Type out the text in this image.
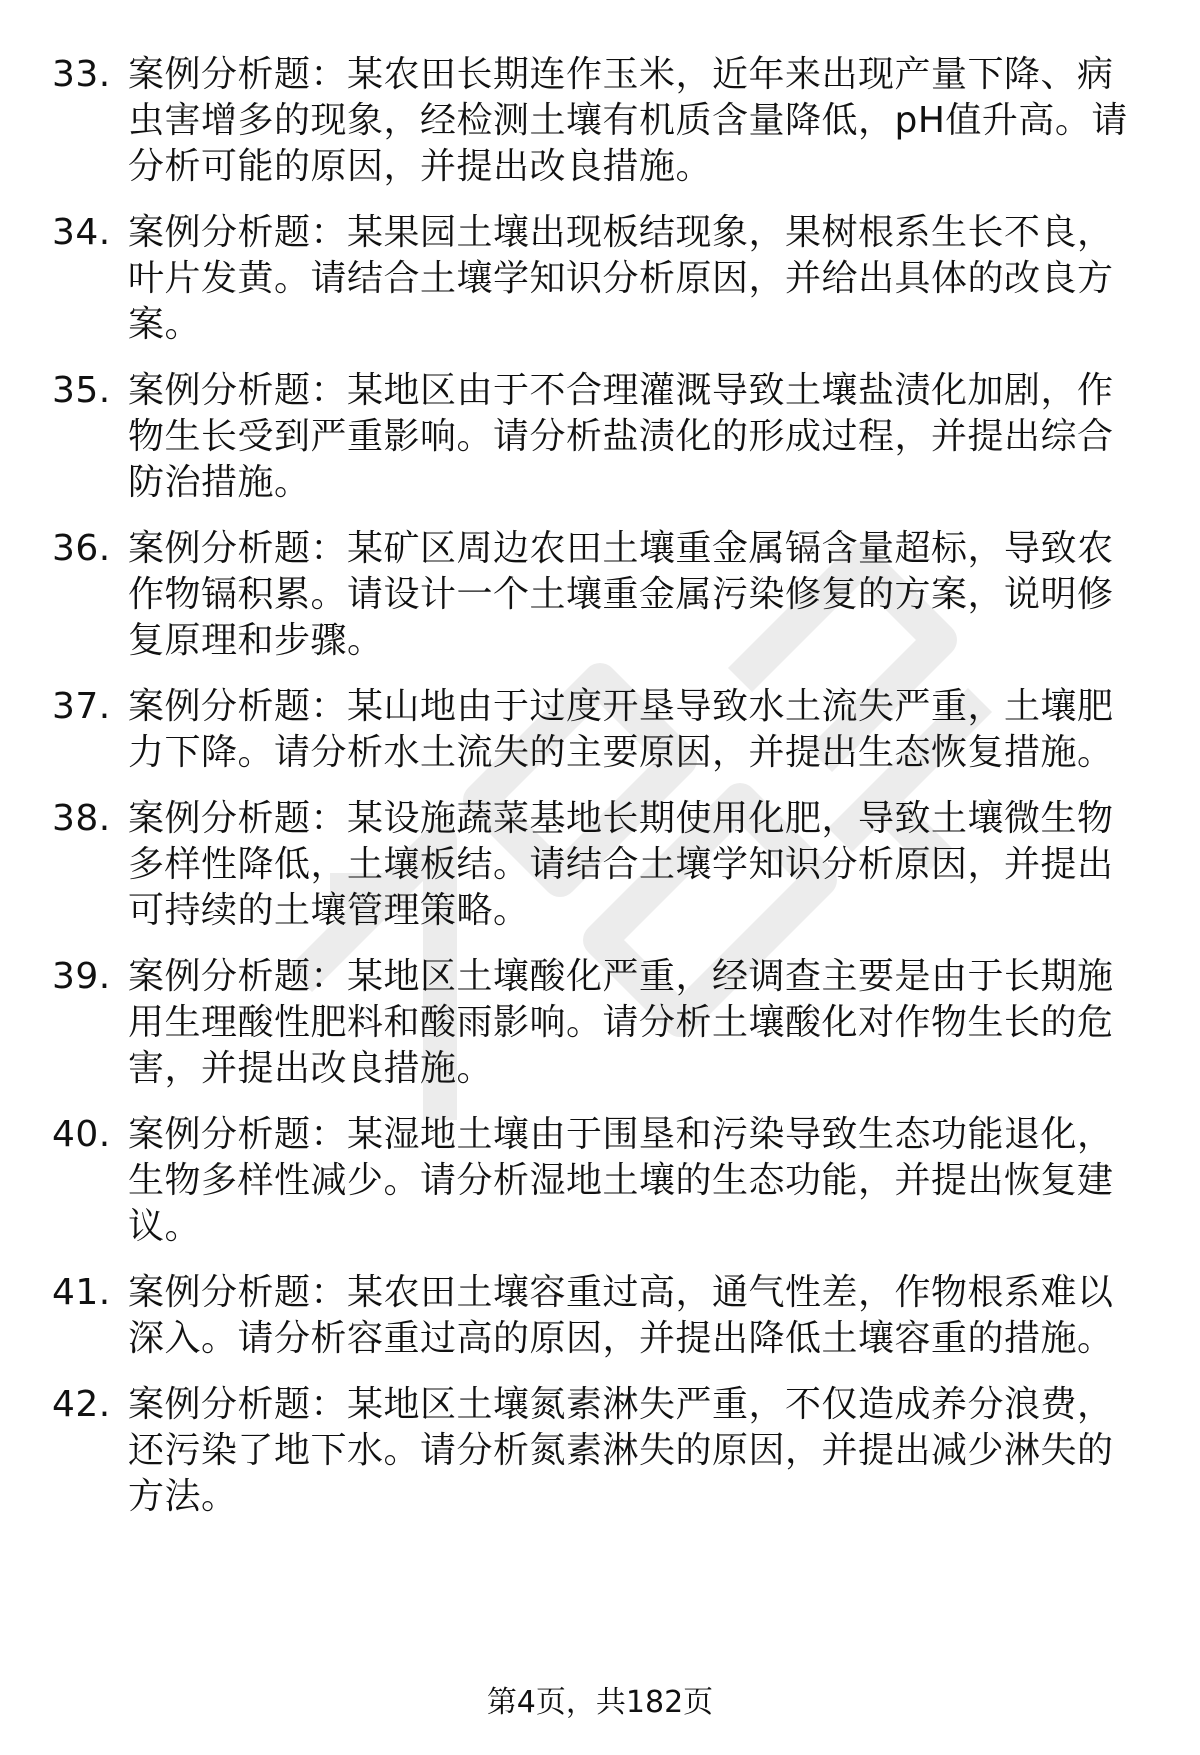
33. 案例分析题：某农田长期连作玉米，近年来出现产量下降、病虫害增多的现象，经检测土壤有机质含量降低，pH值升高。请分析可能的原因，并提出改良措施。
34. 案例分析题：某果园土壤出现板结现象，果树根系生长不良，叶片发黄。请结合土壤学知识分析原因，并给出具体的改良方案。
35. 案例分析题：某地区由于不合理灌溉导致土壤盐渍化加剧，作物生长受到严重影响。请分析盐渍化的形成过程，并提出综合防治措施。
36. 案例分析题：某矿区周边农田土壤重金属镉含量超标，导致农作物镉积累。请设计一个土壤重金属污染修复的方案，说明修复原理和步骤。
37. 案例分析题：某山地由于过度开垦导致水土流失严重，土壤肥力下降。请分析水土流失的主要原因，并提出生态恢复措施。
38. 案例分析题：某设施蔬菜基地长期使用化肥，导致土壤微生物多样性降低，土壤板结。请结合土壤学知识分析原因，并提出可持续的土壤管理策略。
39. 案例分析题：某地区土壤酸化严重，经调查主要是由于长期施用生理酸性肥料和酸雨影响。请分析土壤酸化对作物生长的危害，并提出改良措施。
40. 案例分析题：某湿地土壤由于围垦和污染导致生态功能退化，生物多样性减少。请分析湿地土壤的生态功能，并提出恢复建议。
41. 案例分析题：某农田土壤容重过高，通气性差，作物根系难以深入。请分析容重过高的原因，并提出降低土壤容重的措施。
42. 案例分析题：某地区土壤氮素淋失严重，不仅造成养分浪费，还污染了地下水。请分析氮素淋失的原因，并提出减少淋失的方法。
第4页，共182页
